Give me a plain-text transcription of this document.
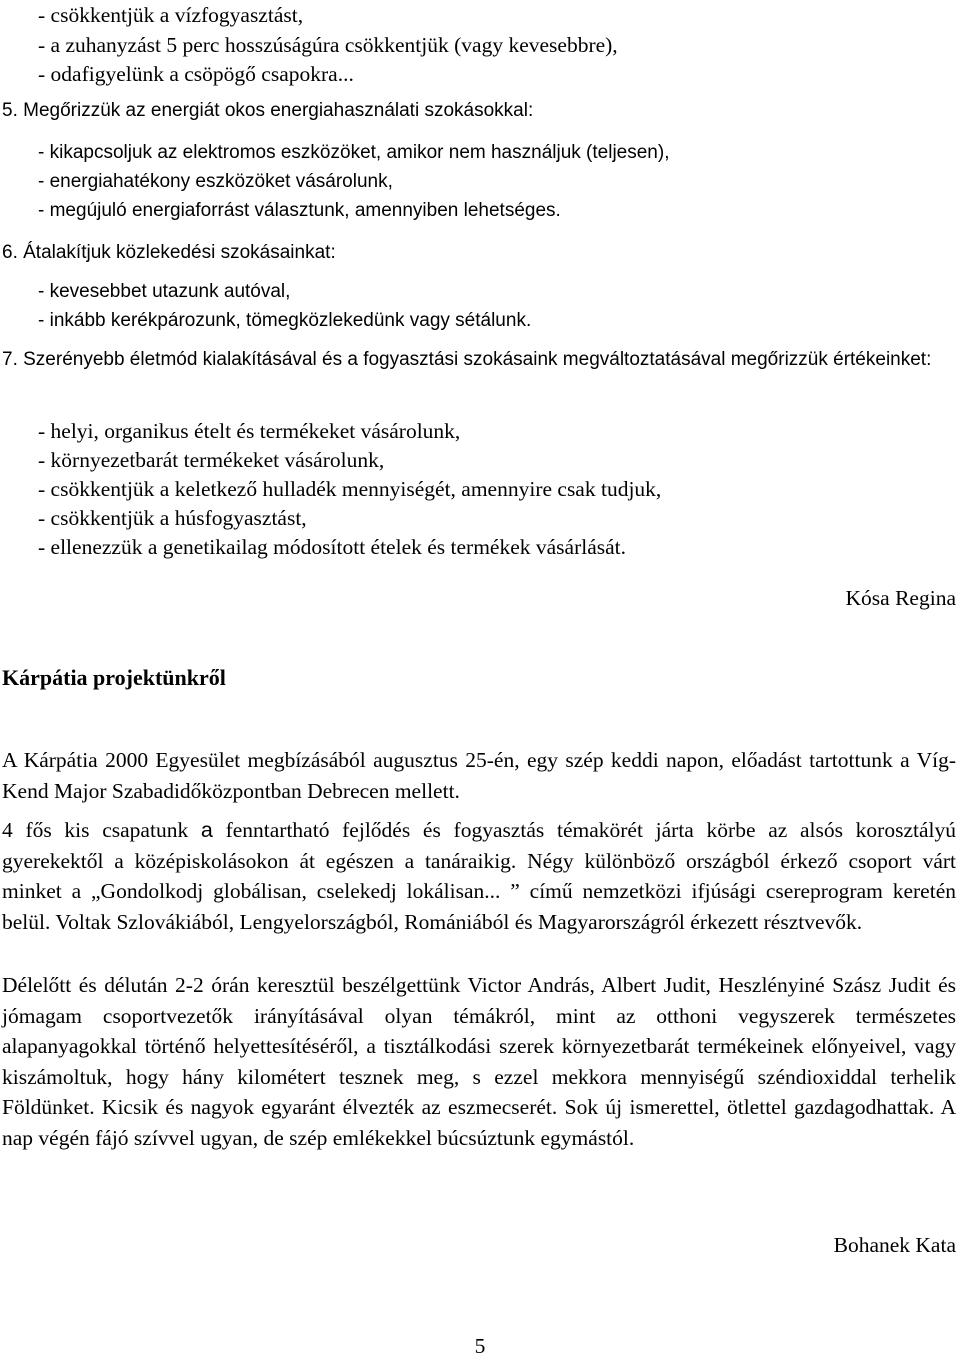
- csökkentjük a vízfogyasztást,
- a zuhanyzást 5 perc hosszúságúra csökkentjük (vagy kevesebbre),
- odafigyelünk a csöpögő csapokra...
5. Megőrizzük az energiát okos energiahasználati szokásokkal:
- kikapcsoljuk az elektromos eszközöket, amikor nem használjuk (teljesen),
- energiahatékony eszközöket vásárolunk,
- megújuló energiaforrást választunk, amennyiben lehetséges.
6. Átalakítjuk közlekedési szokásainkat:
- kevesebbet utazunk autóval,
- inkább kerékpározunk, tömegközlekedünk vagy sétálunk.
7. Szerényebb életmód kialakításával és a fogyasztási szokásaink megváltoztatásával megőrizzük értékeinket:
- helyi, organikus ételt és termékeket vásárolunk,
- környezetbarát termékeket vásárolunk,
- csökkentjük a keletkező hulladék mennyiségét, amennyire csak tudjuk,
- csökkentjük a húsfogyasztást,
- ellenezzük a genetikailag módosított ételek és termékek vásárlását.
Kósa Regina
Kárpátia projektünkről
A Kárpátia 2000 Egyesület megbízásából augusztus 25-én, egy szép keddi napon, előadást tartottunk a Víg-Kend Major Szabadidőközpontban Debrecen mellett.
4 fős kis csapatunk a fenntartható fejlődés és fogyasztás témakörét járta körbe az alsós korosztályú gyerekektől a középiskolásokon át egészen a tanáraikig. Négy különböző országból érkező csoport várt minket a „Gondolkodj globálisan, cselekedj lokálisan... ” című nemzetközi ifjúsági csereprogram keretén belül. Voltak Szlovákiából, Lengyelországból, Romániából és Magyarországról érkezett résztvevők.
Délelőtt és délután 2-2 órán keresztül beszélgettünk Victor András, Albert Judit, Heszlényiné Szász Judit és jómagam csoportvezetők irányításával olyan témákról, mint az otthoni vegyszerek természetes alapanyagokkal történő helyettesítéséről, a tisztálkodási szerek környezetbarát termékeinek előnyeivel, vagy kiszámoltuk, hogy hány kilométert tesznek meg, s ezzel mekkora mennyiségű széndioxiddal terhelik Földünket. Kicsik és nagyok egyaránt élvezték az eszmecserét. Sok új ismerettel, ötlettel gazdagodhattak. A nap végén fájó szívvel ugyan, de szép emlékekkel búcsúztunk egymástól.
Bohanek Kata
5
